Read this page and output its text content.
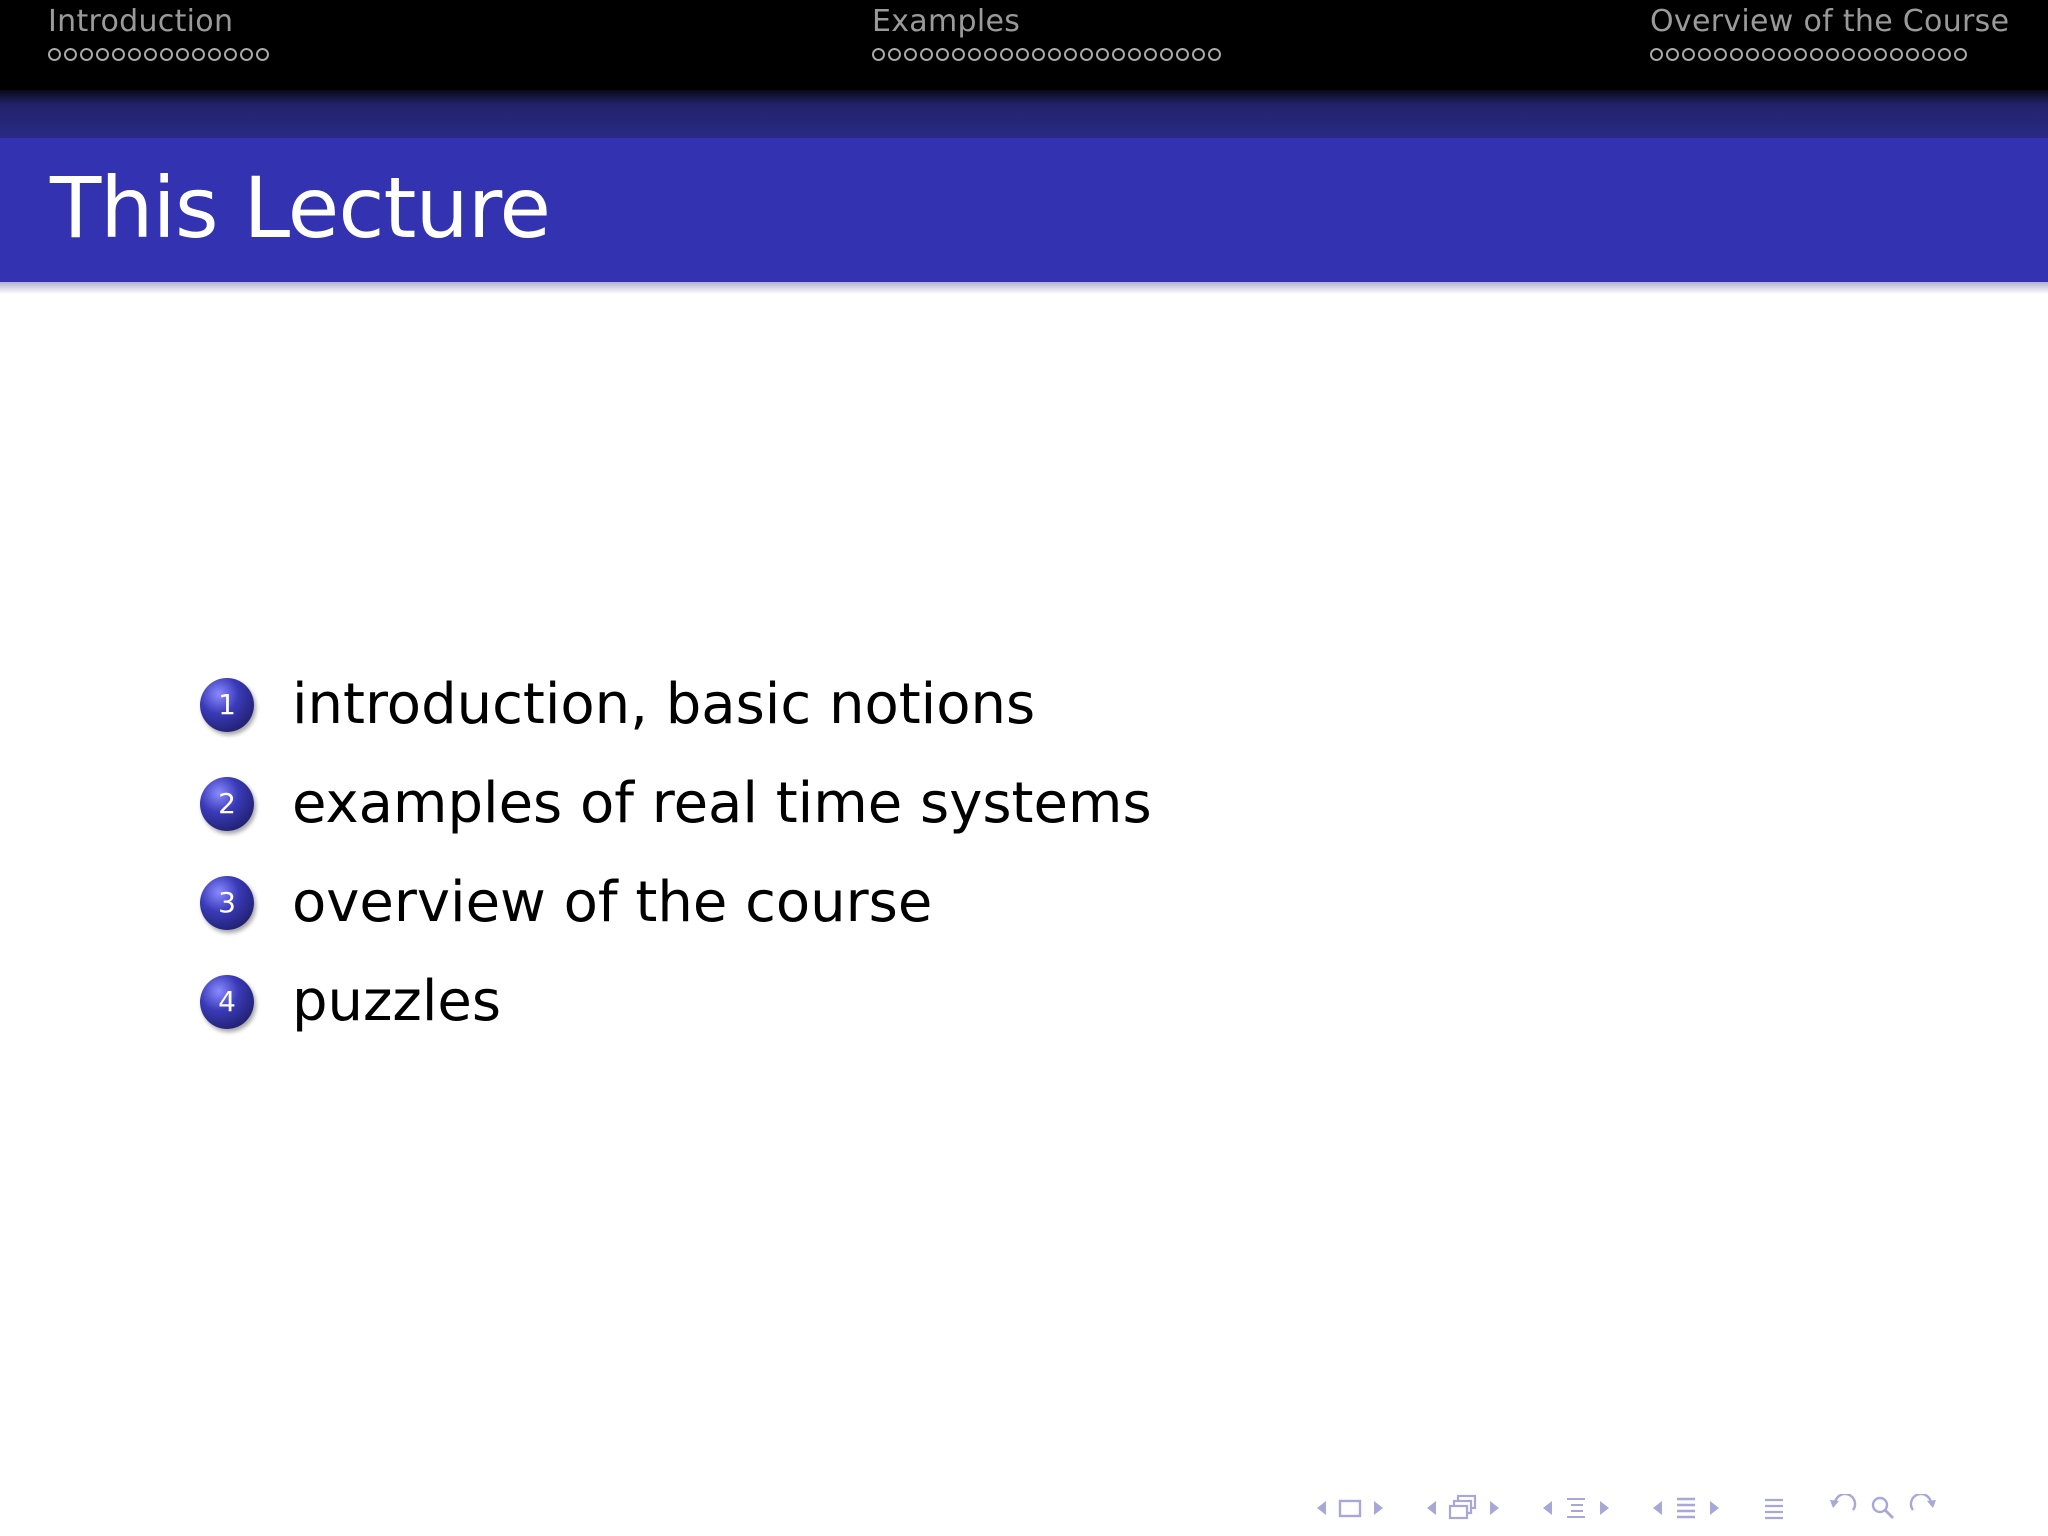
Introduction	Examples	Overview of the Course
This Lecture
1	introduction, basic notions
2	examples of real time systems
3	overview of the course
4	puzzles
